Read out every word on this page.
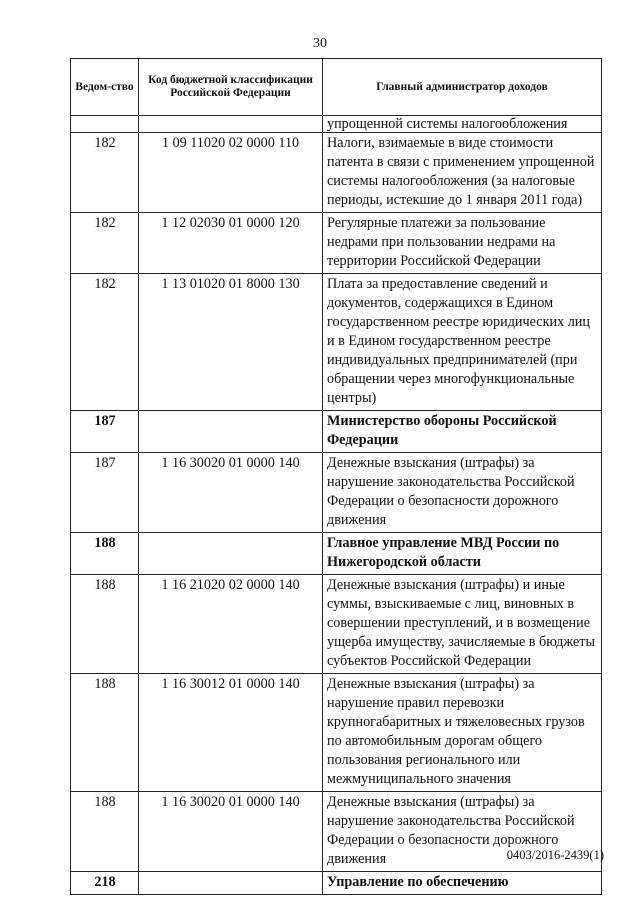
30
Ведом-ство	Код бюджетной классификации Российской Федерации	Главный администратор доходов
		упрощенной системы налогообложения
182	1 09 11020 02 0000 110	Налоги, взимаемые в виде стоимости патента в связи с применением упрощенной системы налогообложения (за налоговые периоды, истекшие до 1 января 2011 года)
182	1 12 02030 01 0000 120	Регулярные платежи за пользование недрами при пользовании недрами на территории Российской Федерации
182	1 13 01020 01 8000 130	Плата за предоставление сведений и документов, содержащихся в Едином государственном реестре юридических лиц и в Едином государственном реестре индивидуальных предпринимателей (при обращении через многофункциональные центры)
187		Министерство обороны Российской Федерации
187	1 16 30020 01 0000 140	Денежные взыскания (штрафы) за нарушение законодательства Российской Федерации о безопасности дорожного движения
188		Главное управление МВД России по Нижегородской области
188	1 16 21020 02 0000 140	Денежные взыскания (штрафы) и иные суммы, взыскиваемые с лиц, виновных в совершении преступлений, и в возмещение ущерба имуществу, зачисляемые в бюджеты субъектов Российской Федерации
188	1 16 30012 01 0000 140	Денежные взыскания (штрафы) за нарушение правил перевозки крупногабаритных и тяжеловесных грузов по автомобильным дорогам общего пользования регионального или межмуниципального значения
188	1 16 30020 01 0000 140	Денежные взыскания (штрафы) за нарушение законодательства Российской Федерации о безопасности дорожного движения
218		Управление по обеспечению
0403/2016-2439(1)
